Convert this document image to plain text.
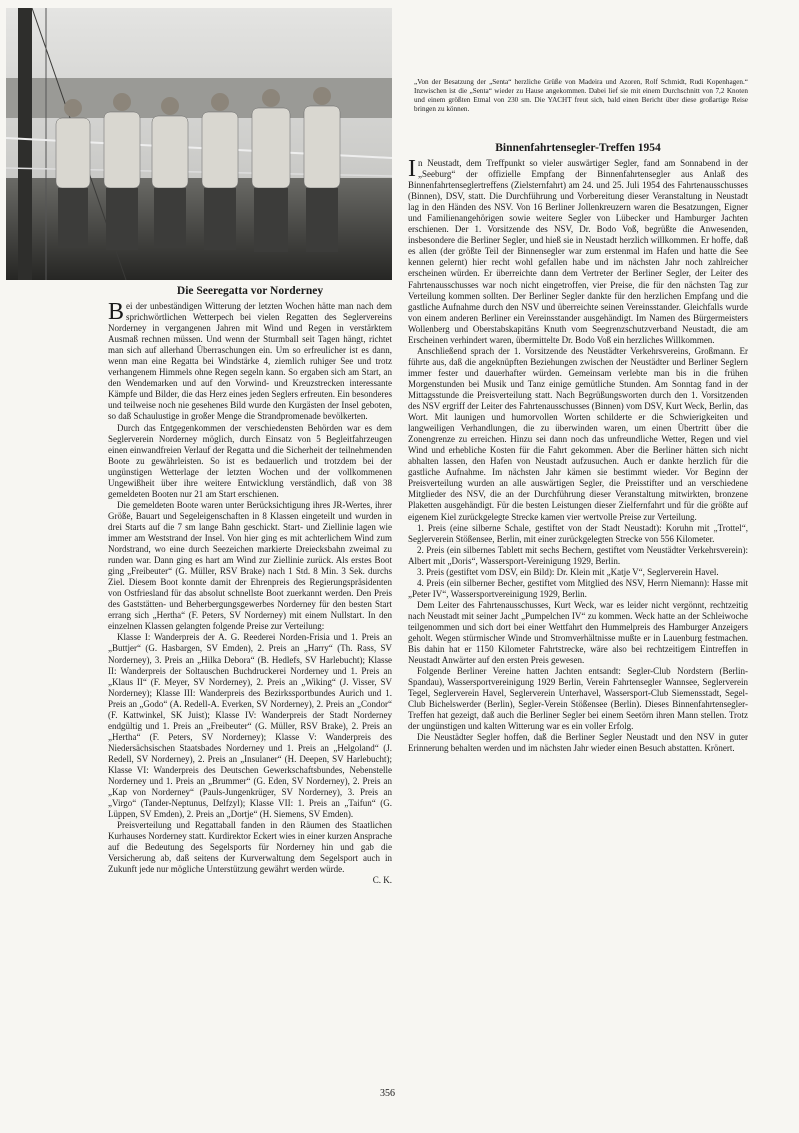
„Von der Besatzung der „Senta“ herzliche Grüße von Madeira und Azoren, Rolf Schmidt, Rudi Kopenhagen.“ Inzwischen ist die „Senta“ wieder zu Hause angekommen. Dabei lief sie mit einem Durchschnitt von 7,2 Knoten und einem größten Etmal von 230 sm. Die YACHT freut sich, bald einen Bericht über diese großartige Reise bringen zu können.
Die Seeregatta vor Norderney

Bei der unbeständigen Witterung der letzten Wochen hätte man nach dem sprichwörtlichen Wetterpech bei vielen Regatten des Seglervereins Norderney in vergangenen Jahren mit Wind und Regen in verstärktem Ausmaß rechnen müssen. Und wenn der Sturmball seit Tagen hängt, richtet man sich auf allerhand Überraschungen ein. Um so erfreulicher ist es dann, wenn man eine Regatta bei Windstärke 4, ziemlich ruhiger See und trotz verhangenem Himmels ohne Regen segeln kann. So ergaben sich am Start, an den Wendemarken und auf den Vorwind- und Kreuzstrecken interessante Kämpfe und Bilder, die das Herz eines jeden Seglers erfreuten. Ein besonderes und teilweise noch nie gesehenes Bild wurde den Kurgästen der Insel geboten, so daß Schaulustige in großer Menge die Strandpromenade bevölkerten.

Durch das Entgegenkommen der verschiedensten Behörden war es dem Seglerverein Norderney möglich, durch Einsatz von 5 Begleitfahrzeugen einen einwandfreien Verlauf der Regatta und die Sicherheit der teilnehmenden Boote zu gewährleisten. So ist es bedauerlich und trotzdem bei der ungünstigen Wetterlage der letzten Wochen und der vollkommenen Ungewißheit über ihre weitere Entwicklung verständlich, daß von 38 gemeldeten Booten nur 21 am Start erschienen.

Die gemeldeten Boote waren unter Berücksichtigung ihres JR-Wertes, ihrer Größe, Bauart und Segeleigenschaften in 8 Klassen eingeteilt und wurden in drei Starts auf die 7 sm lange Bahn geschickt. Start- und Ziellinie lagen wie immer am Weststrand der Insel. Von hier ging es mit achterlichem Wind zum Nordstrand, wo eine durch Seezeichen markierte Dreiecksbahn zweimal zu runden war. Dann ging es hart am Wind zur Ziellinie zurück. Als erstes Boot ging „Freibeuter“ (G. Müller, RSV Brake) nach 1 Std. 8 Min. 3 Sek. durchs Ziel. Diesem Boot konnte damit der Ehrenpreis des Regierungspräsidenten von Ostfriesland für das absolut schnellste Boot zuerkannt werden. Den Preis des Gaststätten- und Beherbergungsgewerbes Norderney für den besten Start errang sich „Hertha“ (F. Peters, SV Norderney) mit einem Nullstart. In den einzelnen Klassen gelangten folgende Preise zur Verteilung:

Klasse I: Wanderpreis der A. G. Reederei Norden-Frisia und 1. Preis an „Buttjer“ (G. Hasbargen, SV Emden), 2. Preis an „Harry“ (Th. Rass, SV Norderney), 3. Preis an „Hilka Debora“ (B. Hedlefs, SV Harlebucht); Klasse II: Wanderpreis der Soltauschen Buchdruckerei Norderney und 1. Preis an „Klaus II“ (F. Meyer, SV Norderney), 2. Preis an „Wiking“ (J. Visser, SV Norderney); Klasse III: Wanderpreis des Bezirkssportbundes Aurich und 1. Preis an „Godo“ (A. Redell-A. Everken, SV Norderney), 2. Preis an „Condor“ (F. Kattwinkel, SK Juist); Klasse IV: Wanderpreis der Stadt Norderney endgültig und 1. Preis an „Freibeuter“ (G. Müller, RSV Brake), 2. Preis an „Hertha“ (F. Peters, SV Norderney); Klasse V: Wanderpreis des Niedersächsischen Staatsbades Norderney und 1. Preis an „Helgoland“ (J. Redell, SV Norderney), 2. Preis an „Insulaner“ (H. Deepen, SV Harlebucht); Klasse VI: Wanderpreis des Deutschen Gewerkschaftsbundes, Nebenstelle Norderney und 1. Preis an „Brummer“ (G. Eden, SV Norderney), 2. Preis an „Kap von Norderney“ (Pauls-Jungenkrüger, SV Norderney), 3. Preis an „Virgo“ (Tander-Neptunus, Delfzyl); Klasse VII: 1. Preis an „Taifun“ (G. Lüppen, SV Emden), 2. Preis an „Dortje“ (H. Siemens, SV Emden).

Preisverteilung und Regattaball fanden in den Räumen des Staatlichen Kurhauses Norderney statt. Kurdirektor Eckert wies in einer kurzen Ansprache auf die Bedeutung des Segelsports für Norderney hin und gab die Versicherung ab, daß seitens der Kurverwaltung dem Segelsport auch in Zukunft jede nur mögliche Unterstützung gewährt werden würde.

C. K.

Binnenfahrtensegler-Treffen 1954

In Neustadt, dem Treffpunkt so vieler auswärtiger Segler, fand am Sonnabend in der „Seeburg“ der offizielle Empfang der Binnenfahrtensegler aus Anlaß des Binnenfahrtenseglertreffens (Zielsternfahrt) am 24. und 25. Juli 1954 des Fahrtenausschusses (Binnen), DSV, statt. Die Durchführung und Vorbereitung dieser Veranstaltung in Neustadt lag in den Händen des NSV. Von 16 Berliner Jollenkreuzern waren die Besatzungen, Eigner und Familienangehörigen sowie weitere Segler von Lübecker und Hamburger Jachten erschienen. Der 1. Vorsitzende des NSV, Dr. Bodo Voß, begrüßte die Anwesenden, insbesondere die Berliner Segler, und hieß sie in Neustadt herzlich willkommen. Er hoffe, daß es allen (der größte Teil der Binnensegler war zum erstenmal im Hafen und hatte die See kennen gelernt) hier recht wohl gefallen habe und im nächsten Jahr noch zahlreicher erscheinen würden. Er überreichte dann dem Vertreter der Berliner Segler, der Leiter des Fahrtenausschusses war noch nicht eingetroffen, vier Preise, die für den nächsten Tag zur Verteilung kommen sollten. Der Berliner Segler dankte für den herzlichen Empfang und die gastliche Aufnahme durch den NSV und überreichte seinen Vereinsstander. Gleichfalls wurde von einem anderen Berliner ein Vereinsstander ausgehändigt. Im Namen des Bürgermeisters Wollenberg und Oberstabskapitäns Knuth vom Seegrenzschutzverband Neustadt, die am Erscheinen verhindert waren, übermittelte Dr. Bodo Voß ein herzliches Willkommen.

Anschließend sprach der 1. Vorsitzende des Neustädter Verkehrsvereins, Großmann. Er führte aus, daß die angeknüpften Beziehungen zwischen der Neustädter und Berliner Seglern immer fester und dauerhafter würden. Gemeinsam verlebte man bis in die frühen Morgenstunden bei Musik und Tanz einige gemütliche Stunden. Am Sonntag fand in der Mittagsstunde die Preisverteilung statt. Nach Begrüßungsworten durch den 1. Vorsitzenden des NSV ergriff der Leiter des Fahrtenausschusses (Binnen) vom DSV, Kurt Weck, Berlin, das Wort. Mit launigen und humorvollen Worten schilderte er die Schwierigkeiten und langweiligen Verhandlungen, die zu überwinden waren, um einen Übertritt über die Zonengrenze zu erreichen. Hinzu sei dann noch das unfreundliche Wetter, Regen und viel Wind und erhebliche Kosten für die Fahrt gekommen. Aber die Berliner hätten sich nicht abhalten lassen, den Hafen von Neustadt aufzusuchen. Auch er dankte herzlich für die gastliche Aufnahme. Im nächsten Jahr kämen sie bestimmt wieder. Vor Beginn der Preisverteilung wurden an alle auswärtigen Segler, die Preisstifter und an verschiedene Mitglieder des NSV, die an der Durchführung dieser Veranstaltung mitwirkten, bronzene Plaketten ausgehändigt. Für die besten Leistungen dieser Zielfernfahrt und für die größte auf eigenem Kiel zurückgelegte Strecke kamen vier wertvolle Preise zur Verteilung.

1. Preis (eine silberne Schale, gestiftet von der Stadt Neustadt): Koruhn mit „Trottel“, Seglerverein Stößensee, Berlin, mit einer zurückgelegten Strecke von 556 Kilometer.

2. Preis (ein silbernes Tablett mit sechs Bechern, gestiftet vom Neustädter Verkehrsverein): Albert mit „Doris“, Wassersport-Vereinigung 1929, Berlin.

3. Preis (gestiftet vom DSV, ein Bild): Dr. Klein mit „Katje V“, Seglerverein Havel.

4. Preis (ein silberner Becher, gestiftet vom Mitglied des NSV, Herrn Niemann): Hasse mit „Peter IV“, Wassersportvereinigung 1929, Berlin.

Dem Leiter des Fahrtenausschusses, Kurt Weck, war es leider nicht vergönnt, rechtzeitig nach Neustadt mit seiner Jacht „Pumpelchen IV“ zu kommen. Weck hatte an der Schleiwoche teilgenommen und sich dort bei einer Wettfahrt den Hummelpreis des Hamburger Anzeigers geholt. Wegen stürmischer Winde und Stromverhältnisse mußte er in Lauenburg festmachen. Bis dahin hat er 1150 Kilometer Fahrtstrecke, wäre also bei rechtzeitigem Eintreffen in Neustadt Anwärter auf den ersten Preis gewesen.

Folgende Berliner Vereine hatten Jachten entsandt: Segler-Club Nordstern (Berlin-Spandau), Wassersportvereinigung 1929 Berlin, Verein Fahrtensegler Wannsee, Seglerverein Tegel, Seglerverein Havel, Seglerverein Unterhavel, Wassersport-Club Siemensstadt, Segel-Club Bichelswerder (Berlin), Segler-Verein Stößensee (Berlin). Dieses Binnenfahrtensegler-Treffen hat gezeigt, daß auch die Berliner Segler bei einem Seetörn ihren Mann stellen. Trotz der ungünstigen und kalten Witterung war es ein voller Erfolg.

Die Neustädter Segler hoffen, daß die Berliner Segler Neustadt und den NSV in guter Erinnerung behalten werden und im nächsten Jahr wieder einen Besuch abstatten. Krönert.

356
